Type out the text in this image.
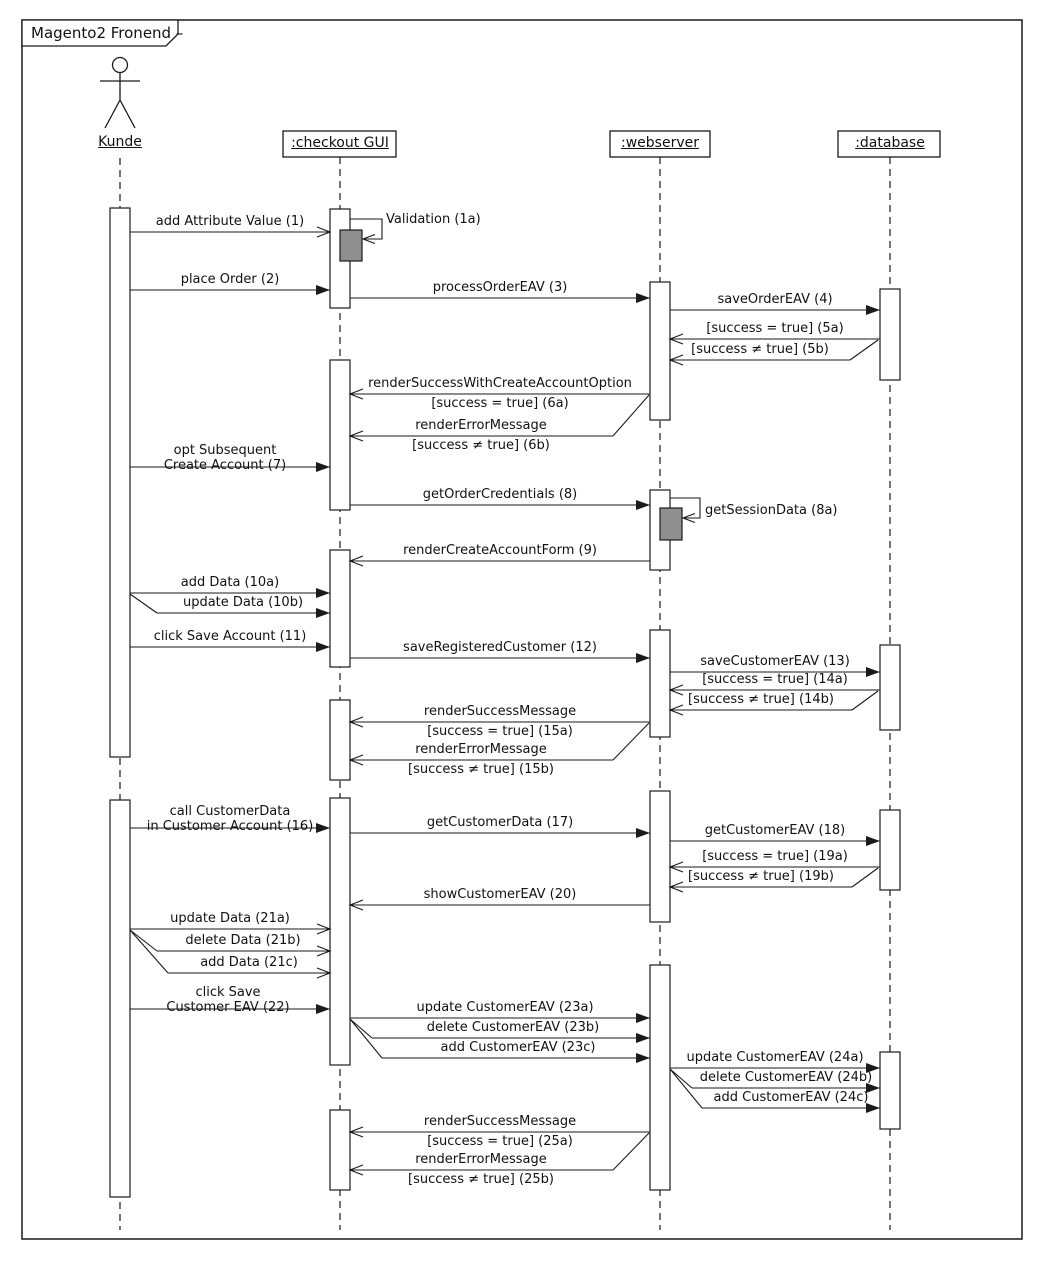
Magento2 Fronend –
Kunde	:checkout GUI	:webserver	:database
add Attribute Value (1)	Validation (1a)
place Order (2)
processOrderEAV (3)
saveOrderEAV (4)
[success = true] (5a)
[success ≠ true] (5b)
renderSuccessWithCreateAccountOption
[success = true] (6a)
renderErrorMessage
[success ≠ true] (6b)
opt Subsequent
Create Account (7)
getOrderCredentials (8)
getSessionData (8a)
renderCreateAccountForm (9)
add Data (10a)
update Data (10b)
click Save Account (11)
saveRegisteredCustomer (12)
saveCustomerEAV (13)
[success = true] (14a)
[success ≠ true] (14b)
renderSuccessMessage
[success = true] (15a)
renderErrorMessage
[success ≠ true] (15b)
call CustomerData
in Customer Account (16)	getCustomerData (17)
getCustomerEAV (18)
[success = true] (19a)
[success ≠ true] (19b)
showCustomerEAV (20)
update Data (21a)
delete Data (21b)
add Data (21c)
click Save
Customer EAV (22)	update CustomerEAV (23a)
delete CustomerEAV (23b)
add CustomerEAV (23c)
update CustomerEAV (24a)
delete CustomerEAV (24b)
add CustomerEAV (24c)
renderSuccessMessage
[success = true] (25a)
renderErrorMessage
[success ≠ true] (25b)
